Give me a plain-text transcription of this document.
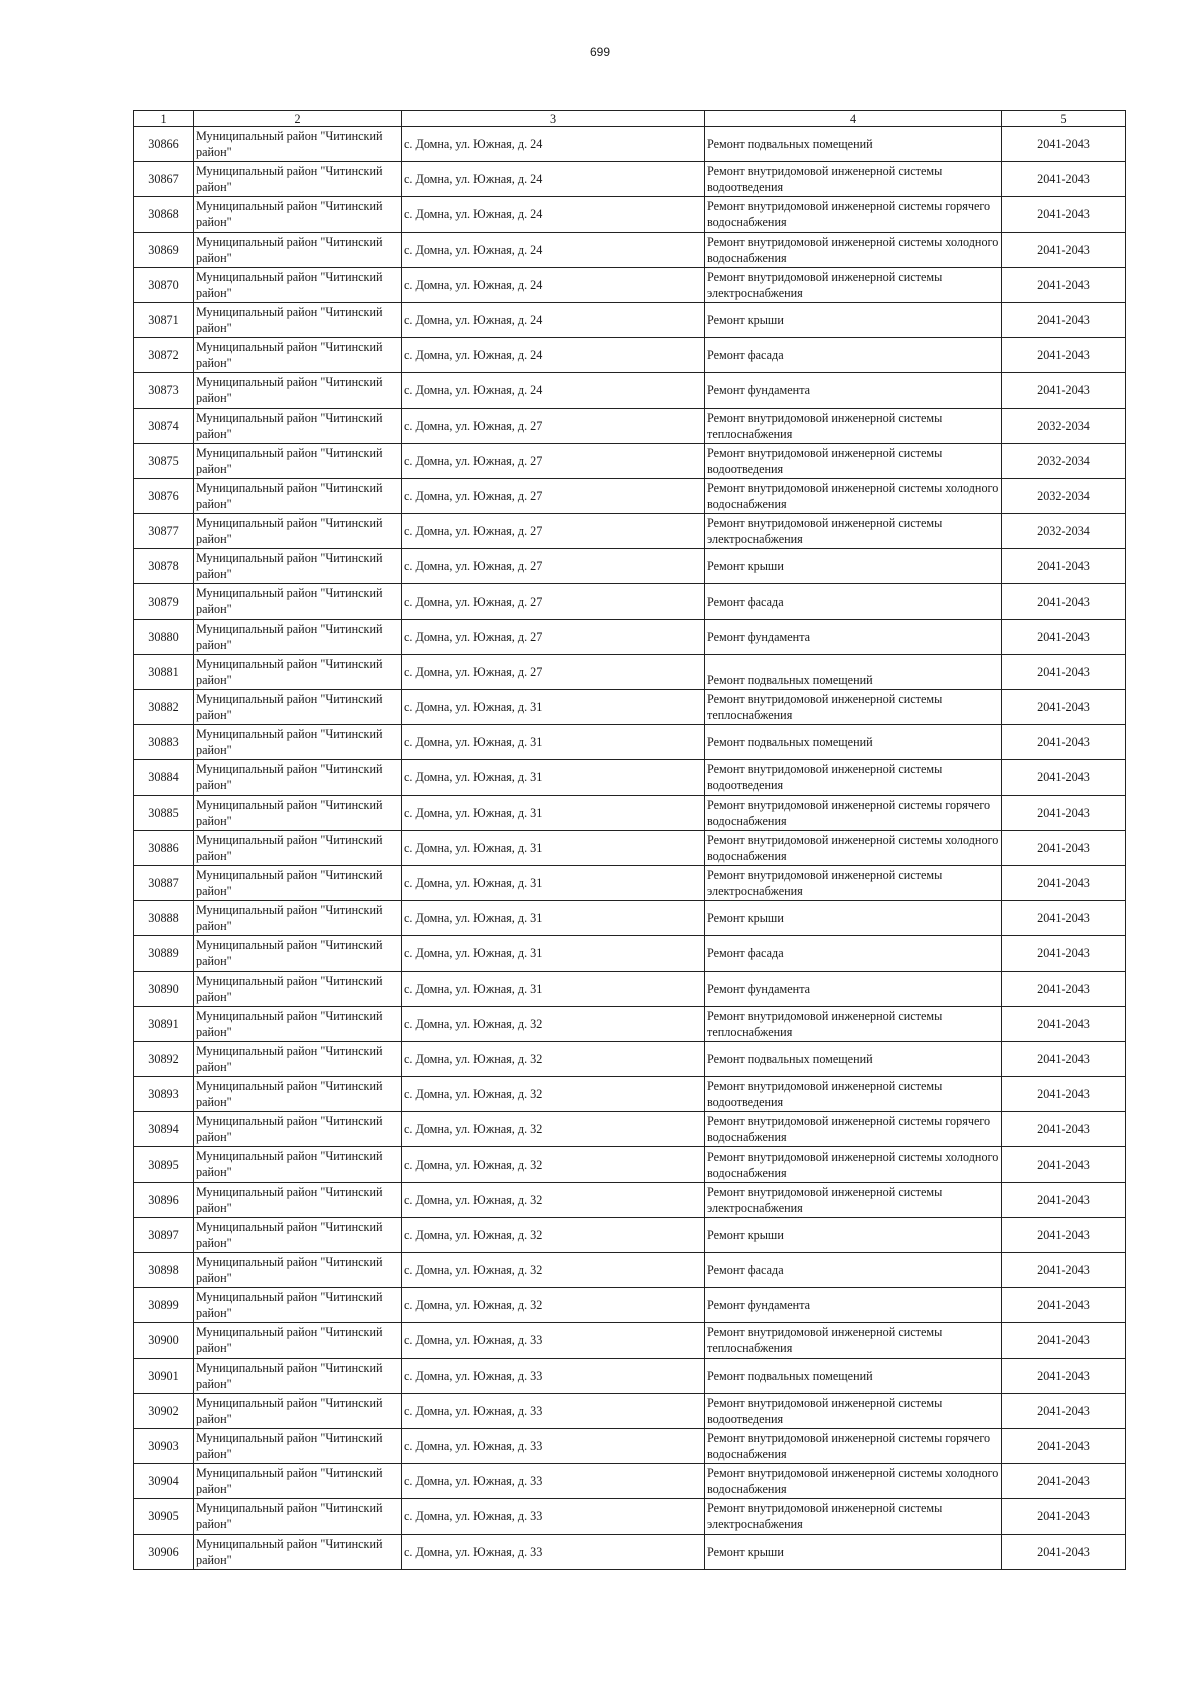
699
1	2	3	4	5
30866	Муниципальный район "Читинский район"	с. Домна, ул. Южная, д. 24	Ремонт подвальных помещений	2041-2043
30867	Муниципальный район "Читинский район"	с. Домна, ул. Южная, д. 24	Ремонт внутридомовой инженерной системы водоотведения	2041-2043
30868	Муниципальный район "Читинский район"	с. Домна, ул. Южная, д. 24	Ремонт внутридомовой инженерной системы горячего водоснабжения	2041-2043
30869	Муниципальный район "Читинский район"	с. Домна, ул. Южная, д. 24	Ремонт внутридомовой инженерной системы холодного водоснабжения	2041-2043
30870	Муниципальный район "Читинский район"	с. Домна, ул. Южная, д. 24	Ремонт внутридомовой инженерной системы электроснабжения	2041-2043
30871	Муниципальный район "Читинский район"	с. Домна, ул. Южная, д. 24	Ремонт крыши	2041-2043
30872	Муниципальный район "Читинский район"	с. Домна, ул. Южная, д. 24	Ремонт фасада	2041-2043
30873	Муниципальный район "Читинский район"	с. Домна, ул. Южная, д. 24	Ремонт фундамента	2041-2043
30874	Муниципальный район "Читинский район"	с. Домна, ул. Южная, д. 27	Ремонт внутридомовой инженерной системы теплоснабжения	2032-2034
30875	Муниципальный район "Читинский район"	с. Домна, ул. Южная, д. 27	Ремонт внутридомовой инженерной системы водоотведения	2032-2034
30876	Муниципальный район "Читинский район"	с. Домна, ул. Южная, д. 27	Ремонт внутридомовой инженерной системы холодного водоснабжения	2032-2034
30877	Муниципальный район "Читинский район"	с. Домна, ул. Южная, д. 27	Ремонт внутридомовой инженерной системы электроснабжения	2032-2034
30878	Муниципальный район "Читинский район"	с. Домна, ул. Южная, д. 27	Ремонт крыши	2041-2043
30879	Муниципальный район "Читинский район"	с. Домна, ул. Южная, д. 27	Ремонт фасада	2041-2043
30880	Муниципальный район "Читинский район"	с. Домна, ул. Южная, д. 27	Ремонт фундамента	2041-2043
30881	Муниципальный район "Читинский район"	с. Домна, ул. Южная, д. 27	Ремонт подвальных помещений	2041-2043
30882	Муниципальный район "Читинский район"	с. Домна, ул. Южная, д. 31	Ремонт внутридомовой инженерной системы теплоснабжения	2041-2043
30883	Муниципальный район "Читинский район"	с. Домна, ул. Южная, д. 31	Ремонт подвальных помещений	2041-2043
30884	Муниципальный район "Читинский район"	с. Домна, ул. Южная, д. 31	Ремонт внутридомовой инженерной системы водоотведения	2041-2043
30885	Муниципальный район "Читинский район"	с. Домна, ул. Южная, д. 31	Ремонт внутридомовой инженерной системы горячего водоснабжения	2041-2043
30886	Муниципальный район "Читинский район"	с. Домна, ул. Южная, д. 31	Ремонт внутридомовой инженерной системы холодного водоснабжения	2041-2043
30887	Муниципальный район "Читинский район"	с. Домна, ул. Южная, д. 31	Ремонт внутридомовой инженерной системы электроснабжения	2041-2043
30888	Муниципальный район "Читинский район"	с. Домна, ул. Южная, д. 31	Ремонт крыши	2041-2043
30889	Муниципальный район "Читинский район"	с. Домна, ул. Южная, д. 31	Ремонт фасада	2041-2043
30890	Муниципальный район "Читинский район"	с. Домна, ул. Южная, д. 31	Ремонт фундамента	2041-2043
30891	Муниципальный район "Читинский район"	с. Домна, ул. Южная, д. 32	Ремонт внутридомовой инженерной системы теплоснабжения	2041-2043
30892	Муниципальный район "Читинский район"	с. Домна, ул. Южная, д. 32	Ремонт подвальных помещений	2041-2043
30893	Муниципальный район "Читинский район"	с. Домна, ул. Южная, д. 32	Ремонт внутридомовой инженерной системы водоотведения	2041-2043
30894	Муниципальный район "Читинский район"	с. Домна, ул. Южная, д. 32	Ремонт внутридомовой инженерной системы горячего водоснабжения	2041-2043
30895	Муниципальный район "Читинский район"	с. Домна, ул. Южная, д. 32	Ремонт внутридомовой инженерной системы холодного водоснабжения	2041-2043
30896	Муниципальный район "Читинский район"	с. Домна, ул. Южная, д. 32	Ремонт внутридомовой инженерной системы электроснабжения	2041-2043
30897	Муниципальный район "Читинский район"	с. Домна, ул. Южная, д. 32	Ремонт крыши	2041-2043
30898	Муниципальный район "Читинский район"	с. Домна, ул. Южная, д. 32	Ремонт фасада	2041-2043
30899	Муниципальный район "Читинский район"	с. Домна, ул. Южная, д. 32	Ремонт фундамента	2041-2043
30900	Муниципальный район "Читинский район"	с. Домна, ул. Южная, д. 33	Ремонт внутридомовой инженерной системы теплоснабжения	2041-2043
30901	Муниципальный район "Читинский район"	с. Домна, ул. Южная, д. 33	Ремонт подвальных помещений	2041-2043
30902	Муниципальный район "Читинский район"	с. Домна, ул. Южная, д. 33	Ремонт внутридомовой инженерной системы водоотведения	2041-2043
30903	Муниципальный район "Читинский район"	с. Домна, ул. Южная, д. 33	Ремонт внутридомовой инженерной системы горячего водоснабжения	2041-2043
30904	Муниципальный район "Читинский район"	с. Домна, ул. Южная, д. 33	Ремонт внутридомовой инженерной системы холодного водоснабжения	2041-2043
30905	Муниципальный район "Читинский район"	с. Домна, ул. Южная, д. 33	Ремонт внутридомовой инженерной системы электроснабжения	2041-2043
30906	Муниципальный район "Читинский район"	с. Домна, ул. Южная, д. 33	Ремонт крыши	2041-2043
